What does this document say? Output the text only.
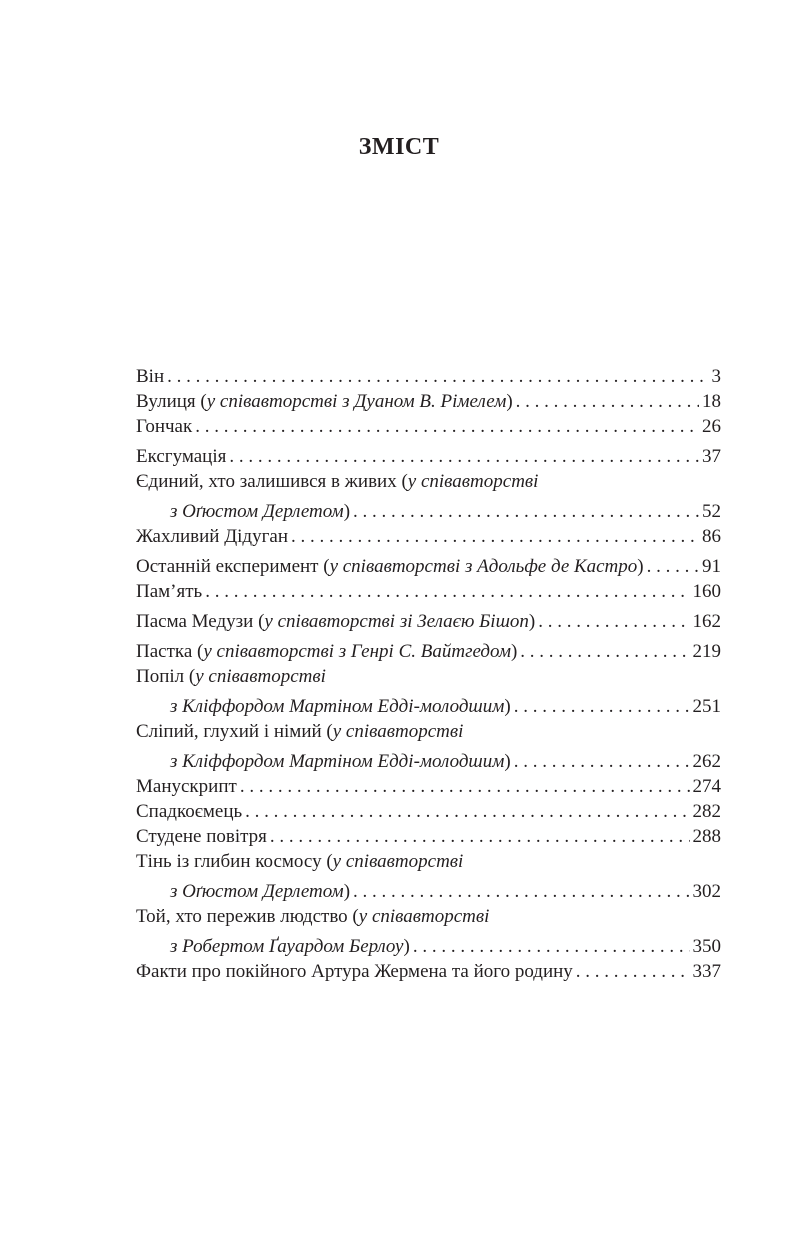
ЗМІСТ
Він . . .	3
Вулиця (у співавторстві з Дуаном В. Рімелем) . . .	18
Гончак . . .	26
Ексгумація . . .	37
Єдиний, хто залишився в живих (у співавторстві
з Оґюстом Дерлетом) . . .	52
Жахливий Дідуган . . .	86
Останній експеримент (у співавторстві з Адольфе де Кастро) . . .	91
Пам’ять . . .	160
Пасма Медузи (у співавторстві зі Зелаєю Бішоп) . . .	162
Пастка (у співавторстві з Генрі С. Вайтгедом) . . .	219
Попіл (у співавторстві
з Кліффордом Мартіном Едді-молодшим) . . .	251
Сліпий, глухий і німий (у співавторстві
з Кліффордом Мартіном Едді-молодшим) . . .	262
Манускрипт . . .	274
Спадкоємець . . .	282
Студене повітря . . .	288
Тінь із глибин космосу (у співавторстві
з Оґюстом Дерлетом) . . .	302
Той, хто пережив людство (у співавторстві
з Робертом Ґауардом Берлоу) . . .	350
Факти про покійного Артура Жермена та його родину . . .	337
